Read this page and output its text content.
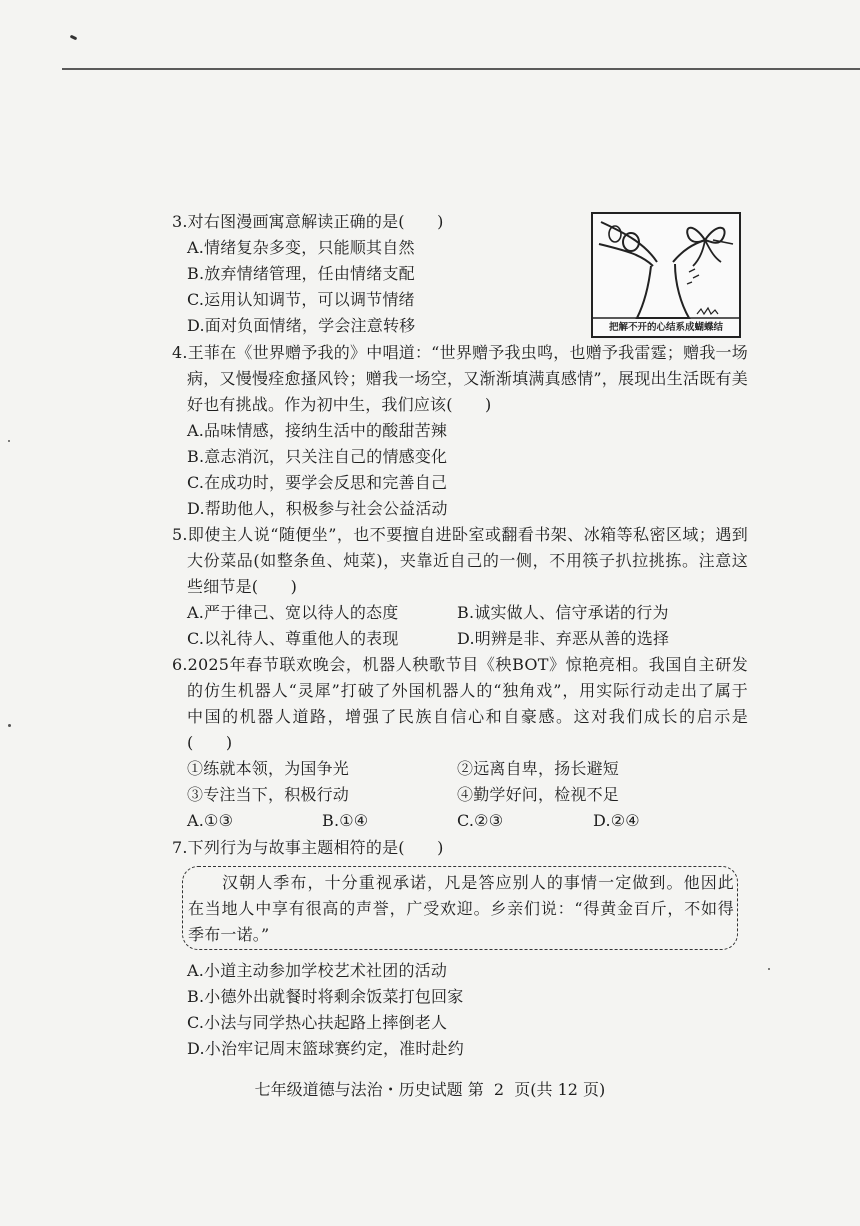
3.对右图漫画寓意解读正确的是(　　)
A.情绪复杂多变，只能顺其自然
B.放弃情绪管理，任由情绪支配
C.运用认知调节，可以调节情绪
D.面对负面情绪，学会注意转移	把解不开的心结系成蝴蝶结
4.王菲在《世界赠予我的》中唱道：“世界赠予我虫鸣，也赠予我雷霆；赠我一场
病，又慢慢痊愈搔风铃；赠我一场空，又渐渐填满真感情”，展现出生活既有美
好也有挑战。作为初中生，我们应该(　　)
A.品味情感，接纳生活中的酸甜苦辣
B.意志消沉，只关注自己的情感变化
C.在成功时，要学会反思和完善自己
D.帮助他人，积极参与社会公益活动
5.即使主人说“随便坐”，也不要擅自进卧室或翻看书架、冰箱等私密区域；遇到
大份菜品(如整条鱼、炖菜)，夹靠近自己的一侧，不用筷子扒拉挑拣。注意这
些细节是(　　)
A.严于律己、宽以待人的态度	B.诚实做人、信守承诺的行为
C.以礼待人、尊重他人的表现	D.明辨是非、弃恶从善的选择
6.2025年春节联欢晚会，机器人秧歌节目《秧BOT》惊艳亮相。我国自主研发
的仿生机器人“灵犀”打破了外国机器人的“独角戏”，用实际行动走出了属于
中国的机器人道路，增强了民族自信心和自豪感。这对我们成长的启示是
(　　)
①练就本领，为国争光	②远离自卑，扬长避短
③专注当下，积极行动	④勤学好问，检视不足
A.①③	B.①④	C.②③	D.②④
7.下列行为与故事主题相符的是(　　)
汉朝人季布，十分重视承诺，凡是答应别人的事情一定做到。他因此
在当地人中享有很高的声誉，广受欢迎。乡亲们说：“得黄金百斤，不如得
季布一诺。”
A.小道主动参加学校艺术社团的活动
B.小德外出就餐时将剩余饭菜打包回家
C.小法与同学热心扶起路上摔倒老人
D.小治牢记周末篮球赛约定，准时赴约
七年级道德与法治・历史试题 第  2  页(共 12 页)
